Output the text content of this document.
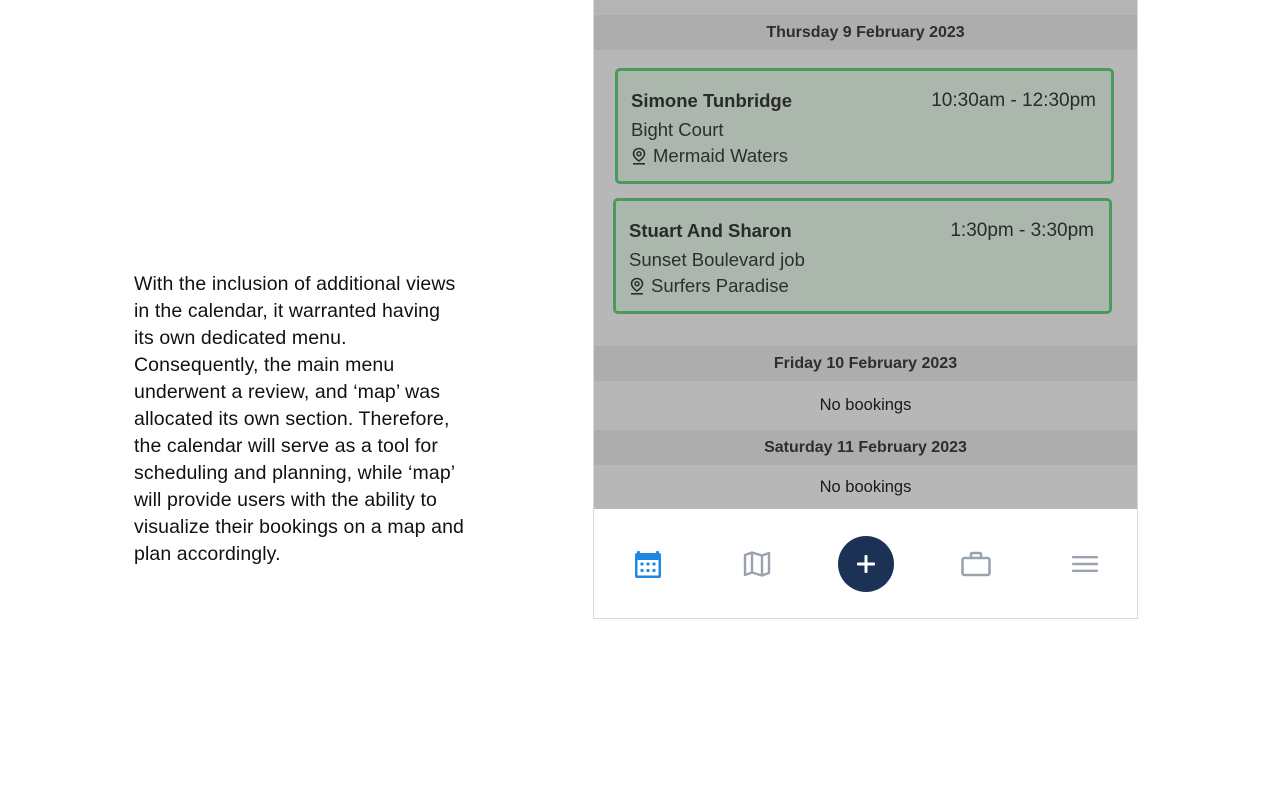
With the inclusion of additional views in the calendar, it warranted having its own dedicated menu. Consequently, the main menu underwent a review, and ‘map’ was allocated its own section. Therefore, the calendar will serve as a tool for scheduling and planning, while ‘map’ will provide users with the ability to visualize their bookings on a map and plan accordingly.
Thursday 9 February 2023
Simone Tunbridge	10:30am - 12:30pm
Bight Court
Mermaid Waters
Stuart And Sharon	1:30pm - 3:30pm
Sunset Boulevard job
Surfers Paradise
Friday 10 February 2023
No bookings
Saturday 11 February 2023
No bookings
